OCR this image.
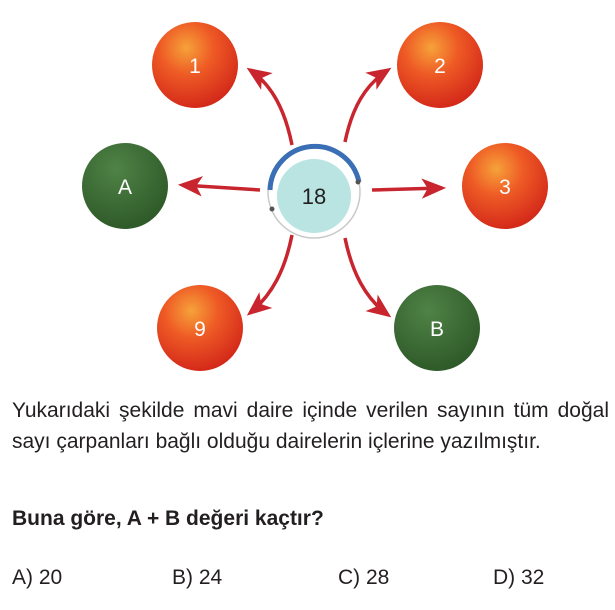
1	2
A	3
9	B
18

Yukarıdaki şekilde mavi daire içinde verilen sayının tüm doğal sayı çarpanları bağlı olduğu dairelerin içlerine yazılmıştır.

Buna göre, A + B değeri kaçtır?

A) 20	B) 24	C) 28	D) 32
